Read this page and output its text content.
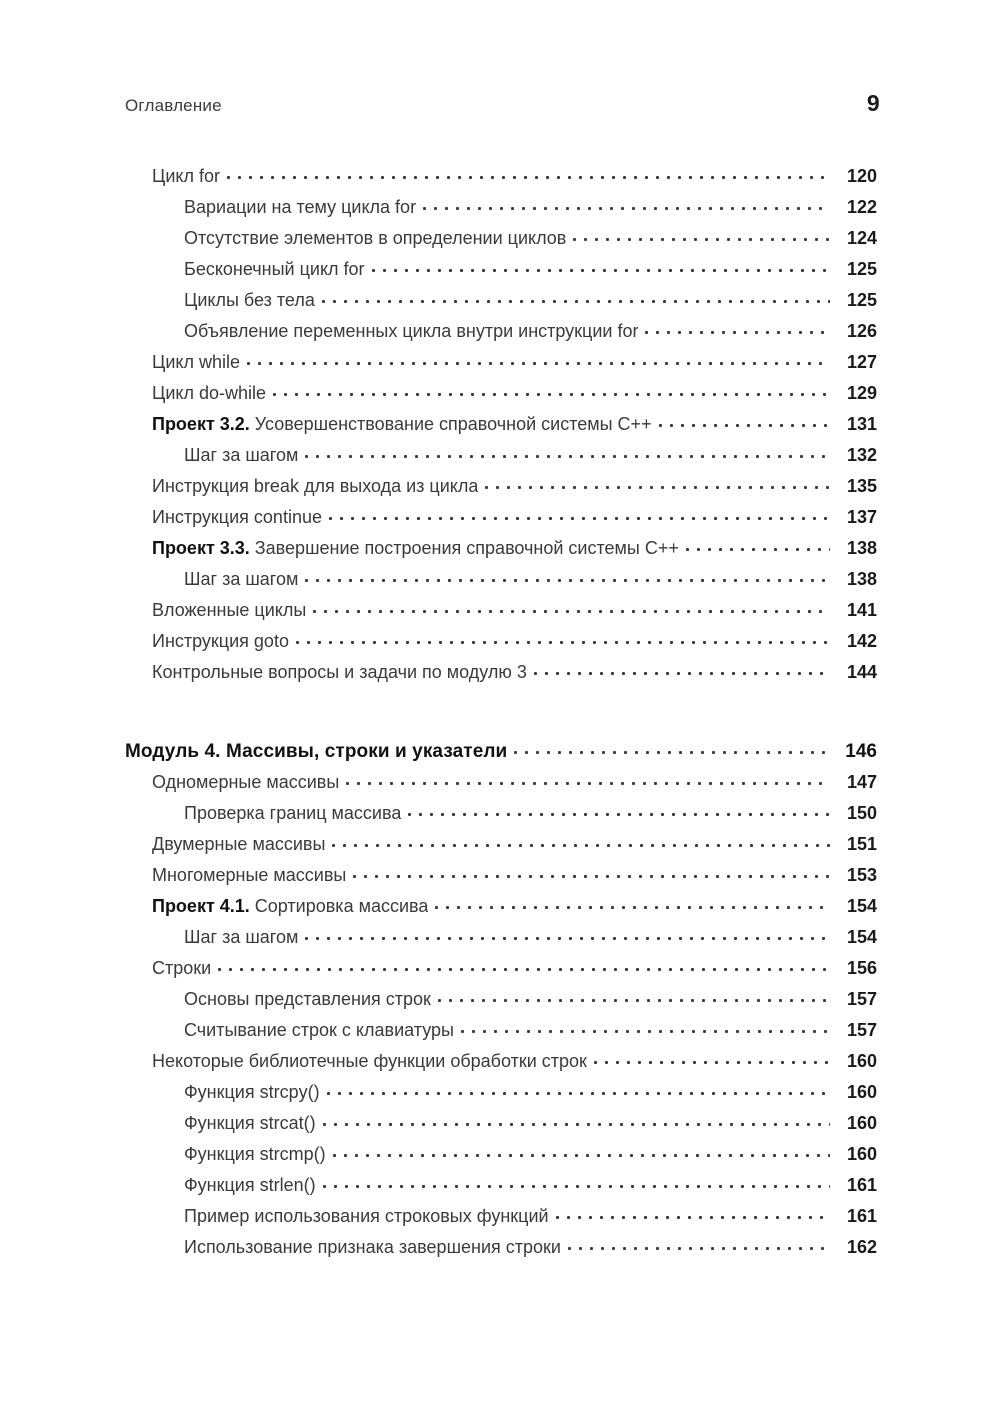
Оглавление	9
Цикл for	120
Вариации на тему цикла for	122
Отсутствие элементов в определении циклов	124
Бесконечный цикл for	125
Циклы без тела	125
Объявление переменных цикла внутри инструкции for	126
Цикл while	127
Цикл do-while	129
Проект 3.2. Усовершенствование справочной системы C++	131
Шаг за шагом	132
Инструкция break для выхода из цикла	135
Инструкция continue	137
Проект 3.3. Завершение построения справочной системы C++	138
Шаг за шагом	138
Вложенные циклы	141
Инструкция goto	142
Контрольные вопросы и задачи по модулю 3	144
Модуль 4. Массивы, строки и указатели	146
Одномерные массивы	147
Проверка границ массива	150
Двумерные массивы	151
Многомерные массивы	153
Проект 4.1. Сортировка массива	154
Шаг за шагом	154
Строки	156
Основы представления строк	157
Считывание строк с клавиатуры	157
Некоторые библиотечные функции обработки строк	160
Функция strcpy()	160
Функция strcat()	160
Функция strcmp()	160
Функция strlen()	161
Пример использования строковых функций	161
Использование признака завершения строки	162
